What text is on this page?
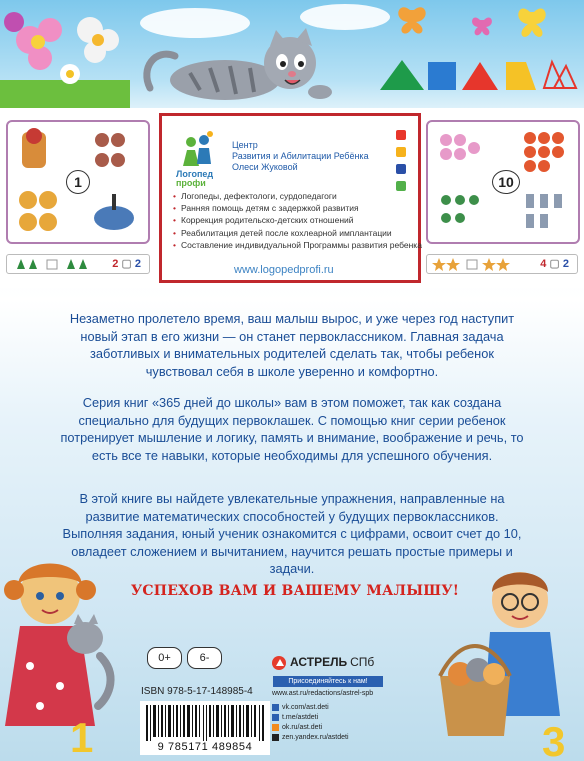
1
2 ▢ 2
10
4 ▢ 2
Логопед
профи
Центр
Развития и Абилитации Ребёнка
Олеси Жуковой
• Логопеды, дефектологи, сурдопедагоги
• Ранняя помощь детям с задержкой развития
• Коррекция родительско-детских отношений
• Реабилитация детей после кохлеарной имплантации
• Составление индивидуальной Программы развития ребенка
www.logopedprofi.ru

Незаметно пролетело время, ваш малыш вырос, и уже через год наступит новый этап в его жизни — он станет первоклассником. Главная задача заботливых и внимательных родителей сделать так, чтобы ребенок чувствовал себя в школе уверенно и комфортно.

Серия книг «365 дней до школы» вам в этом поможет, так как создана специально для будущих первоклашек. С помощью книг серии ребенок потренирует мышление и логику, память и внимание, воображение и речь, то есть все те навыки, которые необходимы для успешного обучения.

В этой книге вы найдете увлекательные упражнения, направленные на развитие математических способностей у будущих первоклассников. Выполняя задания, юный ученик ознакомится с цифрами, освоит счет до 10, овладеет сложением и вычитанием, научится решать простые примеры и задачи.

УСПЕХОВ ВАМ И ВАШЕМУ МАЛЫШУ!
1	3
0+	6-
ISBN 978-5-17-148985-4
9 785171 489854
АСТРЕЛЬ СПб
Присоединяйтесь к нам!
www.ast.ru/redactions/astrel-spb
vk.com/ast.deti
t.me/astdeti
ok.ru/ast.deti
zen.yandex.ru/astdeti
